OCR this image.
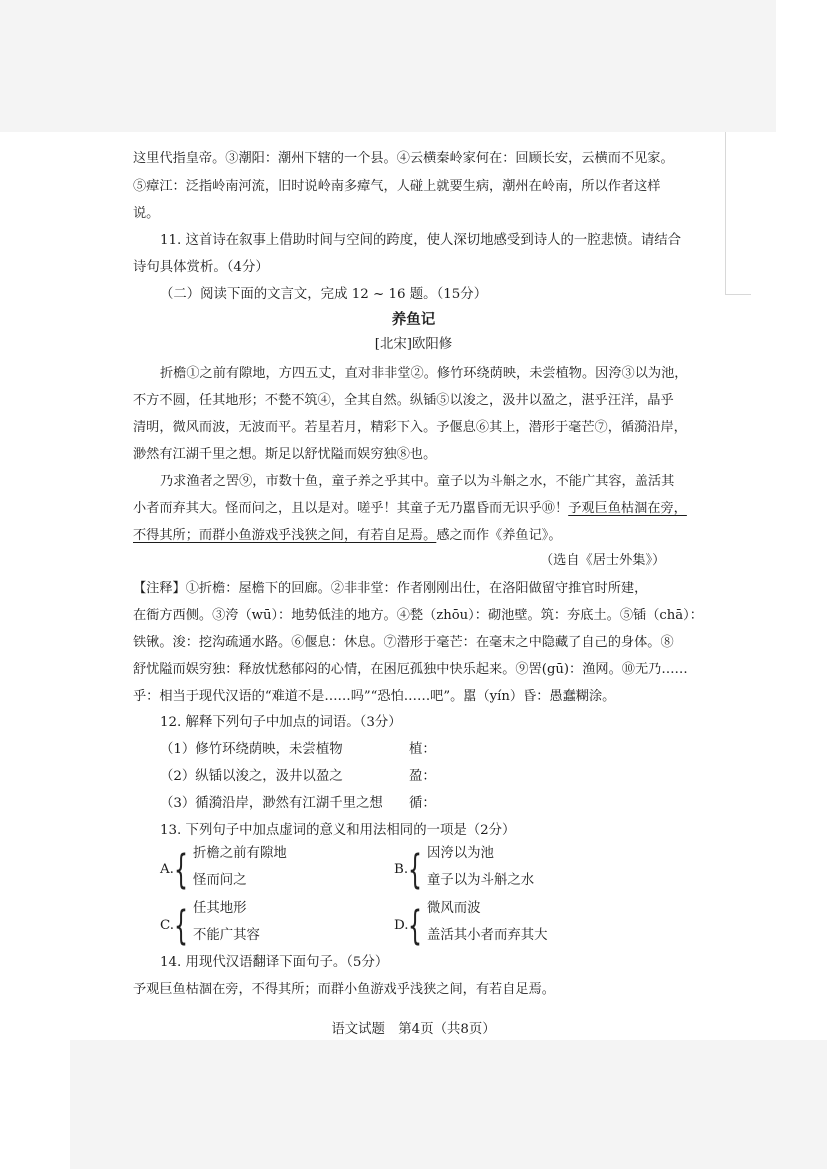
这里代指皇帝。③潮阳：潮州下辖的一个县。④云横秦岭家何在：回顾长安，云横而不见家。
⑤瘴江：泛指岭南河流，旧时说岭南多瘴气，人碰上就要生病，潮州在岭南，所以作者这样
说。
11. 这首诗在叙事上借助时间与空间的跨度，使人深切地感受到诗人的一腔悲愤。请结合
诗句具体赏析。（4分）
（二）阅读下面的文言文，完成 12 ~ 16 题。（15分）
养鱼记
[北宋]欧阳修
折檐①之前有隙地，方四五丈，直对非非堂②。修竹环绕荫映，未尝植物。因洿③以为池，
不方不圆，任其地形；不甃不筑④，全其自然。纵锸⑤以浚之，汲井以盈之，湛乎汪洋，晶乎
清明，微风而波，无波而平。若星若月，精彩下入。予偃息⑥其上，潜形于毫芒⑦，循漪沿岸，
渺然有江湖千里之想。斯足以舒忧隘而娱穷独⑧也。
乃求渔者之罟⑨，市数十鱼，童子养之乎其中。童子以为斗斛之水，不能广其容，盖活其
小者而弃其大。怪而问之，且以是对。嗟乎！其童子无乃嚚昏而无识乎⑩！予观巨鱼枯涸在旁，
不得其所；而群小鱼游戏乎浅狭之间，有若自足焉。感之而作《养鱼记》。
（选自《居士外集》）
【注释】①折檐：屋檐下的回廊。②非非堂：作者刚刚出仕，在洛阳做留守推官时所建，
在衙方西侧。③洿（wū）：地势低洼的地方。④甃（zhōu）：砌池壁。筑：夯底土。⑤锸（chā）：
铁锹。浚：挖沟疏通水路。⑥偃息：休息。⑦潜形于毫芒：在毫末之中隐藏了自己的身体。⑧
舒忧隘而娱穷独：释放忧愁郁闷的心情，在困厄孤独中快乐起来。⑨罟(gū)：渔网。⑩无乃……
乎：相当于现代汉语的“难道不是……吗”“恐怕……吧”。嚚（yín）昏：愚蠢糊涂。
12. 解释下列句子中加点的词语。（3分）
（1）修竹环绕荫映，未尝植物	植：
（2）纵锸以浚之，汲井以盈之	盈：
（3）循漪沿岸，渺然有江湖千里之想 循：
13. 下列句子中加点虚词的意义和用法相同的一项是（2分）
A. { 折檐之前有隙地
怪而问之
B. { 因洿以为池
童子以为斗斛之水
C. { 任其地形
不能广其容
D. { 微风而波
盖活其小者而弃其大
14. 用现代汉语翻译下面句子。（5分）
予观巨鱼枯涸在旁，不得其所；而群小鱼游戏乎浅狭之间，有若自足焉。
语文试题　第4页（共8页）
